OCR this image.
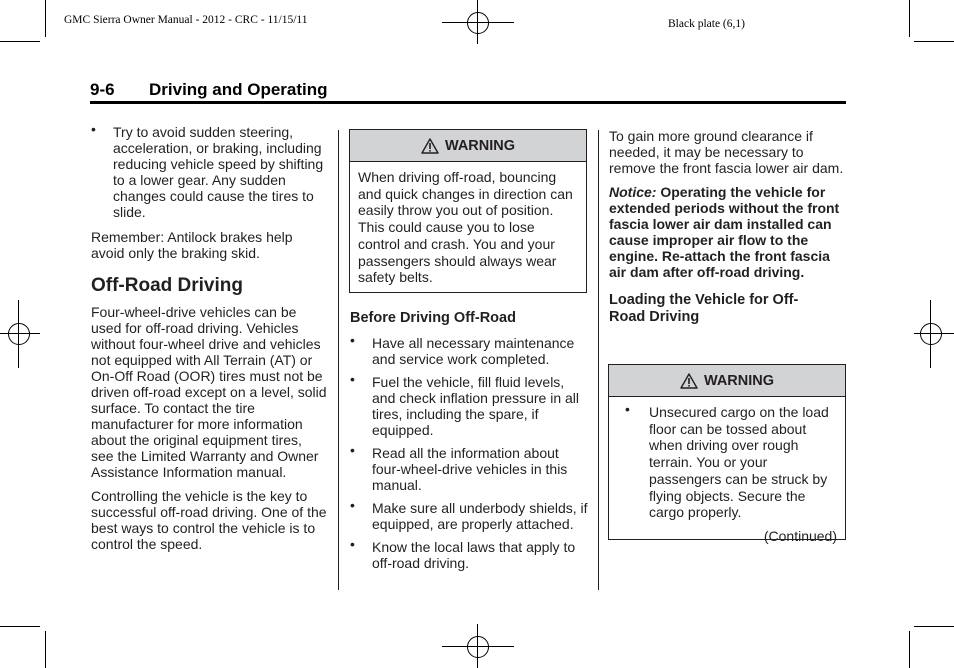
GMC Sierra Owner Manual - 2012 - CRC - 11/15/11	Black plate (6,1)
9-6 Driving and Operating
• Try to avoid sudden steering, acceleration, or braking, including reducing vehicle speed by shifting to a lower gear. Any sudden changes could cause the tires to slide.

Remember: Antilock brakes help avoid only the braking skid.

Off-Road Driving

Four-wheel-drive vehicles can be used for off-road driving. Vehicles without four-wheel drive and vehicles not equipped with All Terrain (AT) or On-Off Road (OOR) tires must not be driven off-road except on a level, solid surface. To contact the tire manufacturer for more information about the original equipment tires, see the Limited Warranty and Owner Assistance Information manual.

Controlling the vehicle is the key to successful off-road driving. One of the best ways to control the vehicle is to control the speed.

WARNING
When driving off-road, bouncing and quick changes in direction can easily throw you out of position. This could cause you to lose control and crash. You and your passengers should always wear safety belts.
Before Driving Off-Road
• Have all necessary maintenance and service work completed.
• Fuel the vehicle, fill fluid levels, and check inflation pressure in all tires, including the spare, if equipped.
• Read all the information about four-wheel-drive vehicles in this manual.
• Make sure all underbody shields, if equipped, are properly attached.
• Know the local laws that apply to off-road driving.

To gain more ground clearance if needed, it may be necessary to remove the front fascia lower air dam.

Notice: Operating the vehicle for extended periods without the front fascia lower air dam installed can cause improper air flow to the engine. Re-attach the front fascia air dam after off-road driving.

Loading the Vehicle for Off-Road Driving
WARNING
• Unsecured cargo on the load floor can be tossed about when driving over rough terrain. You or your passengers can be struck by flying objects. Secure the cargo properly.
(Continued)
